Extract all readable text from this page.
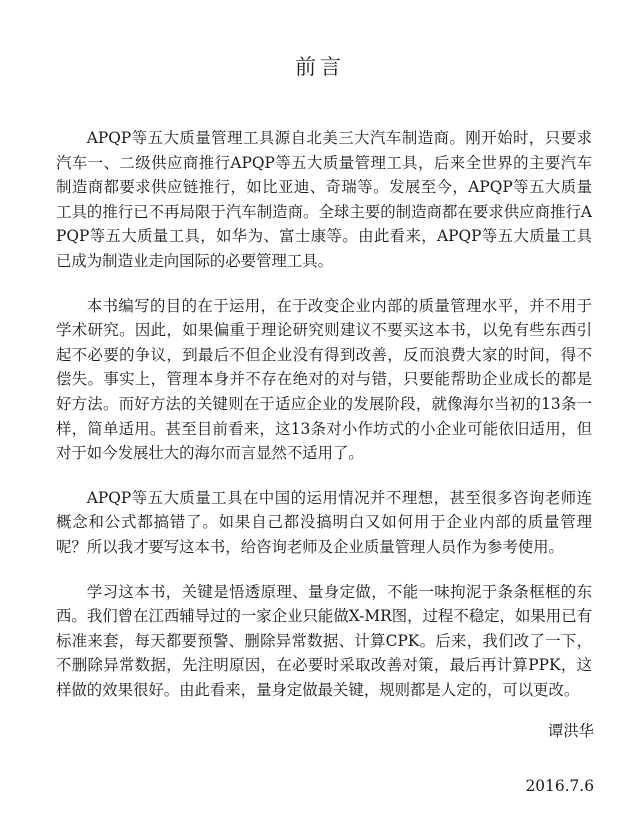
前言

APQP等五大质量管理工具源自北美三大汽车制造商。刚开始时，只要求汽车一、二级供应商推行APQP等五大质量管理工具，后来全世界的主要汽车制造商都要求供应链推行，如比亚迪、奇瑞等。发展至今，APQP等五大质量工具的推行已不再局限于汽车制造商。全球主要的制造商都在要求供应商推行APQP等五大质量工具，如华为、富士康等。由此看来，APQP等五大质量工具已成为制造业走向国际的必要管理工具。

本书编写的目的在于运用，在于改变企业内部的质量管理水平，并不用于学术研究。因此，如果偏重于理论研究则建议不要买这本书，以免有些东西引起不必要的争议，到最后不但企业没有得到改善，反而浪费大家的时间，得不偿失。事实上，管理本身并不存在绝对的对与错，只要能帮助企业成长的都是好方法。而好方法的关键则在于适应企业的发展阶段，就像海尔当初的13条一样，简单适用。甚至目前看来，这13条对小作坊式的小企业可能依旧适用，但对于如今发展壮大的海尔而言显然不适用了。

APQP等五大质量工具在中国的运用情况并不理想，甚至很多咨询老师连概念和公式都搞错了。如果自己都没搞明白又如何用于企业内部的质量管理呢？所以我才要写这本书，给咨询老师及企业质量管理人员作为参考使用。

学习这本书，关键是悟透原理、量身定做，不能一味拘泥于条条框框的东西。我们曾在江西辅导过的一家企业只能做X-MR图，过程不稳定，如果用已有标准来套，每天都要预警、删除异常数据、计算CPK。后来，我们改了一下，不删除异常数据，先注明原因，在必要时采取改善对策，最后再计算PPK，这样做的效果很好。由此看来，量身定做最关键，规则都是人定的，可以更改。

谭洪华
2016.7.6
